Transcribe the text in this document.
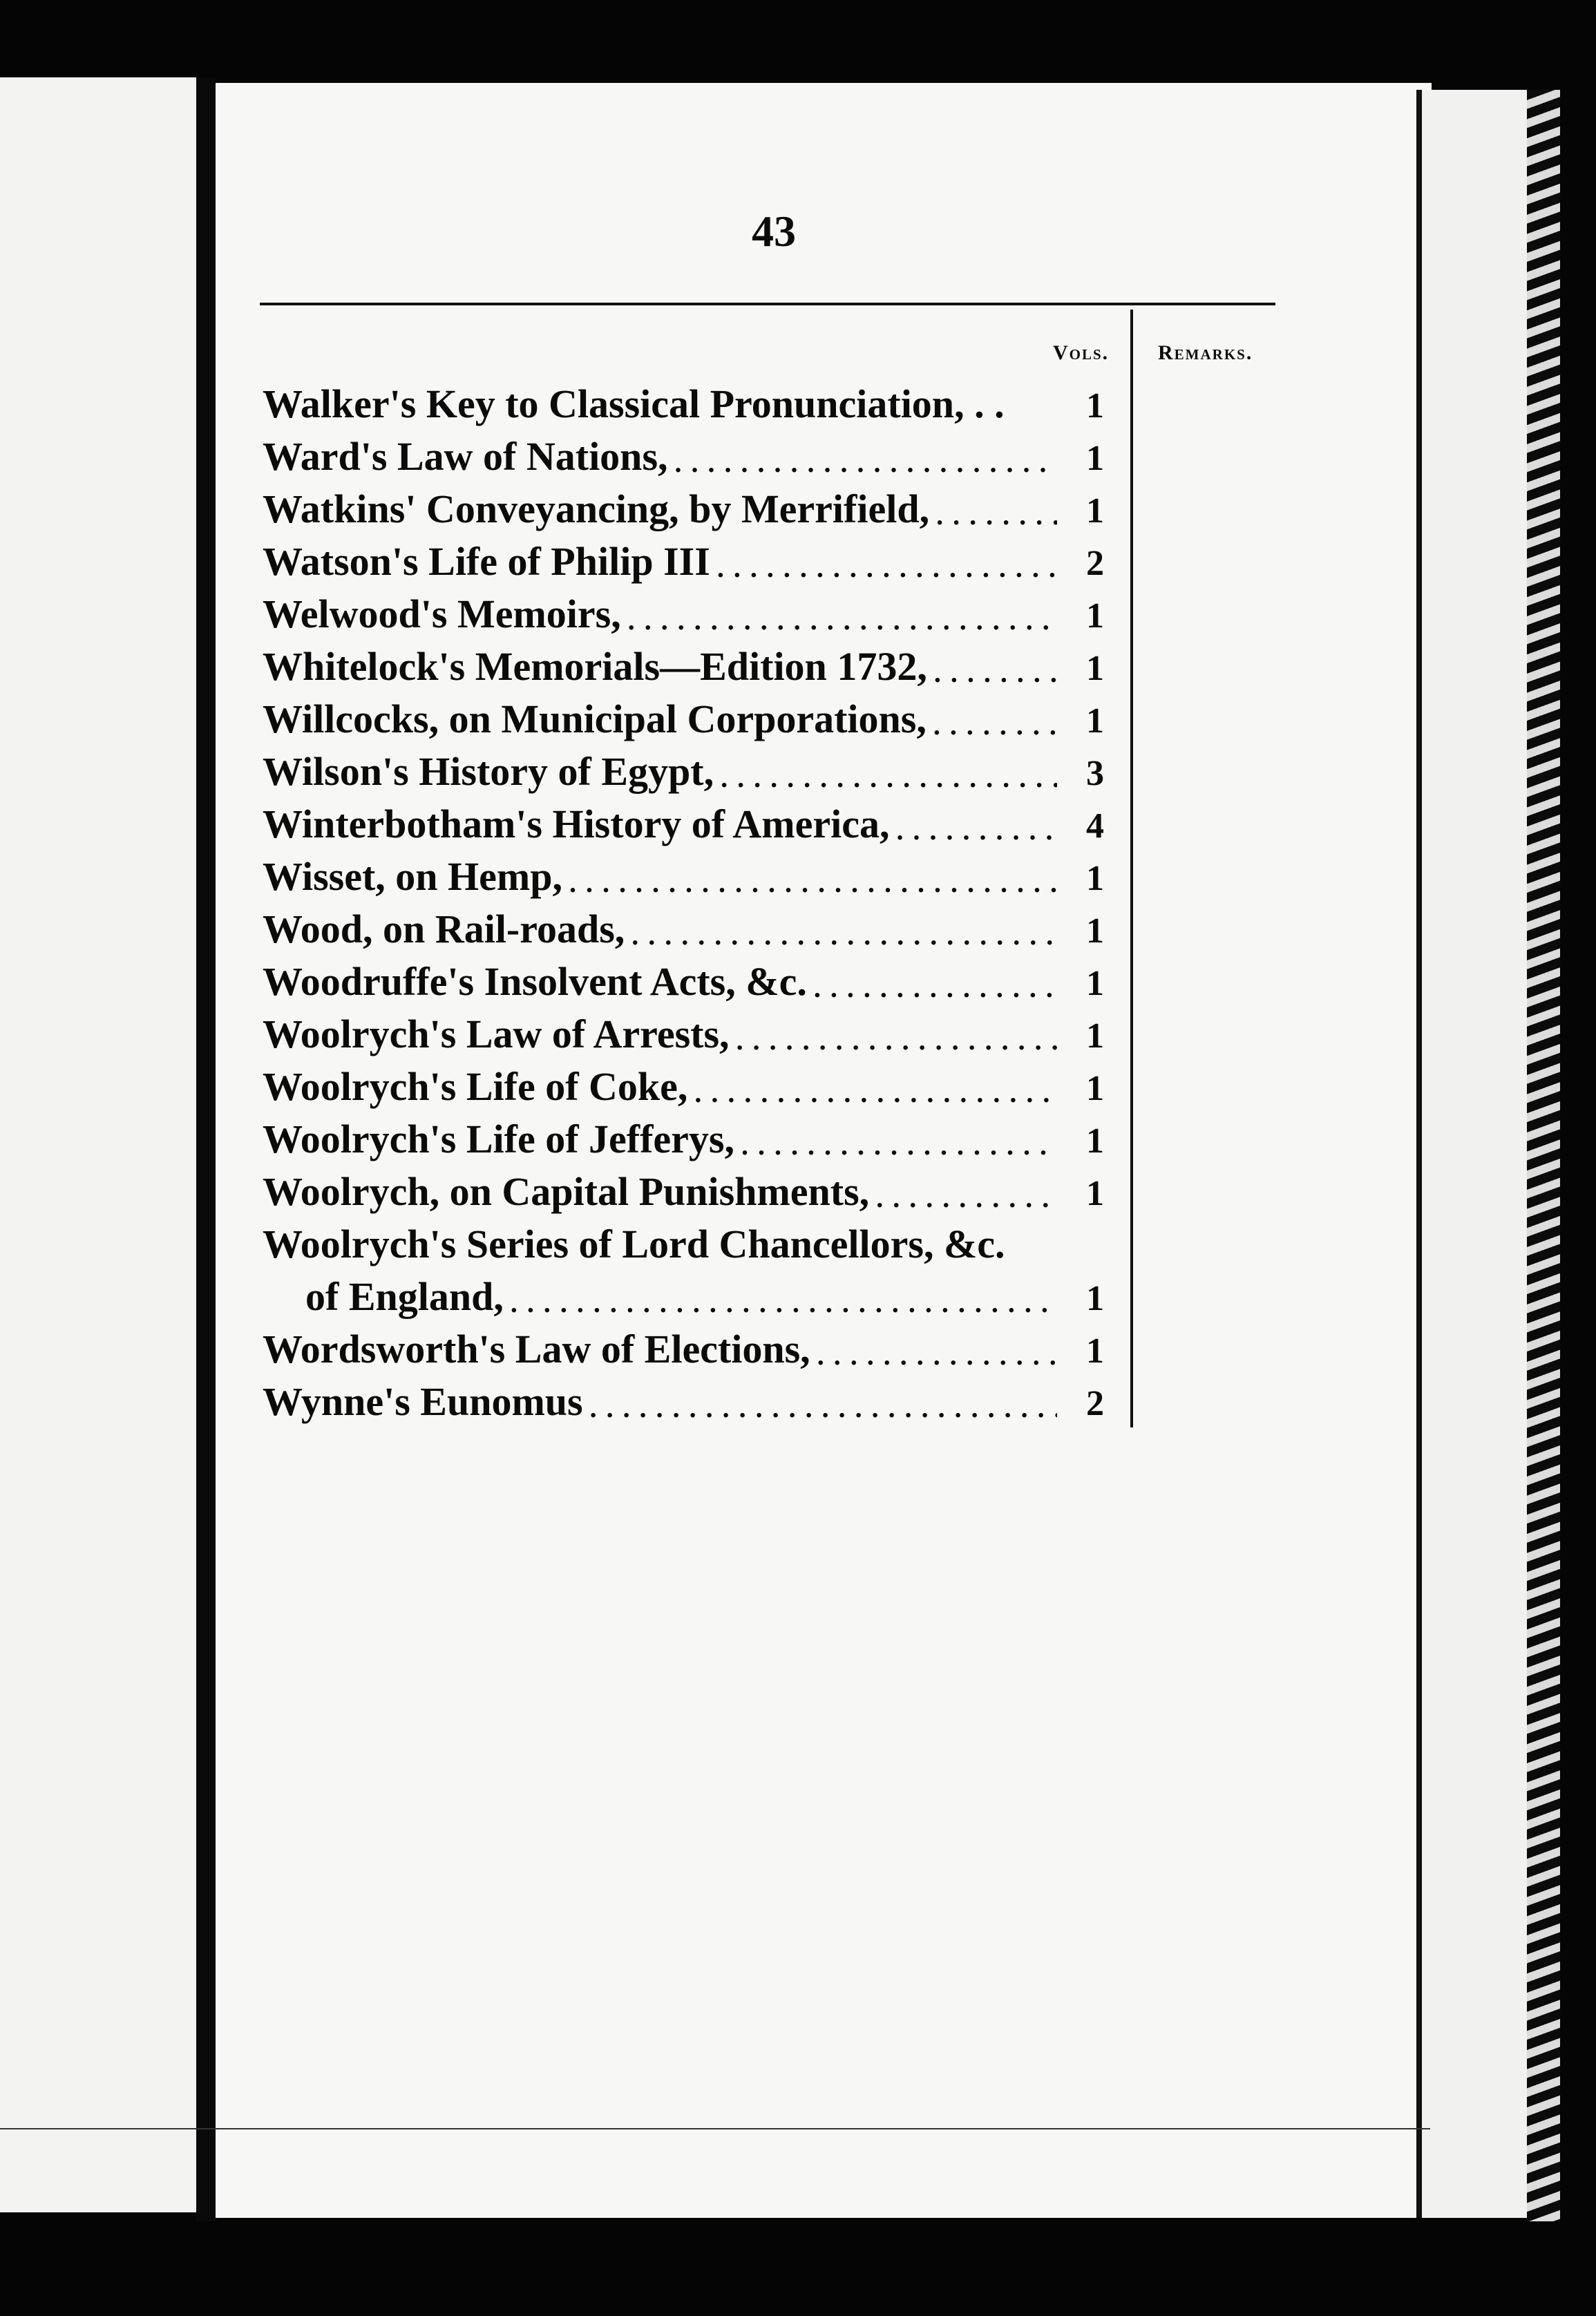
43
Vols. Remarks.
Walker's Key to Classical Pronunciation, . .	1
Ward's Law of Nations, .....	1
Watkins' Conveyancing, by Merrifield, .....	1
Watson's Life of Philip III .....	2
Welwood's Memoirs, .....	1
Whitelock's Memorials—Edition 1732, .....	1
Willcocks, on Municipal Corporations, .....	1
Wilson's History of Egypt, .....	3
Winterbotham's History of America, .....	4
Wisset, on Hemp, .....	1
Wood, on Rail-roads, .....	1
Woodruffe's Insolvent Acts, &c. .....	1
Woolrych's Law of Arrests, .....	1
Woolrych's Life of Coke, .....	1
Woolrych's Life of Jefferys, .....	1
Woolrych, on Capital Punishments, .....	1
Woolrych's Series of Lord Chancellors, &c.
of England, .....	1
Wordsworth's Law of Elections, .....	1
Wynne's Eunomus .....	2
